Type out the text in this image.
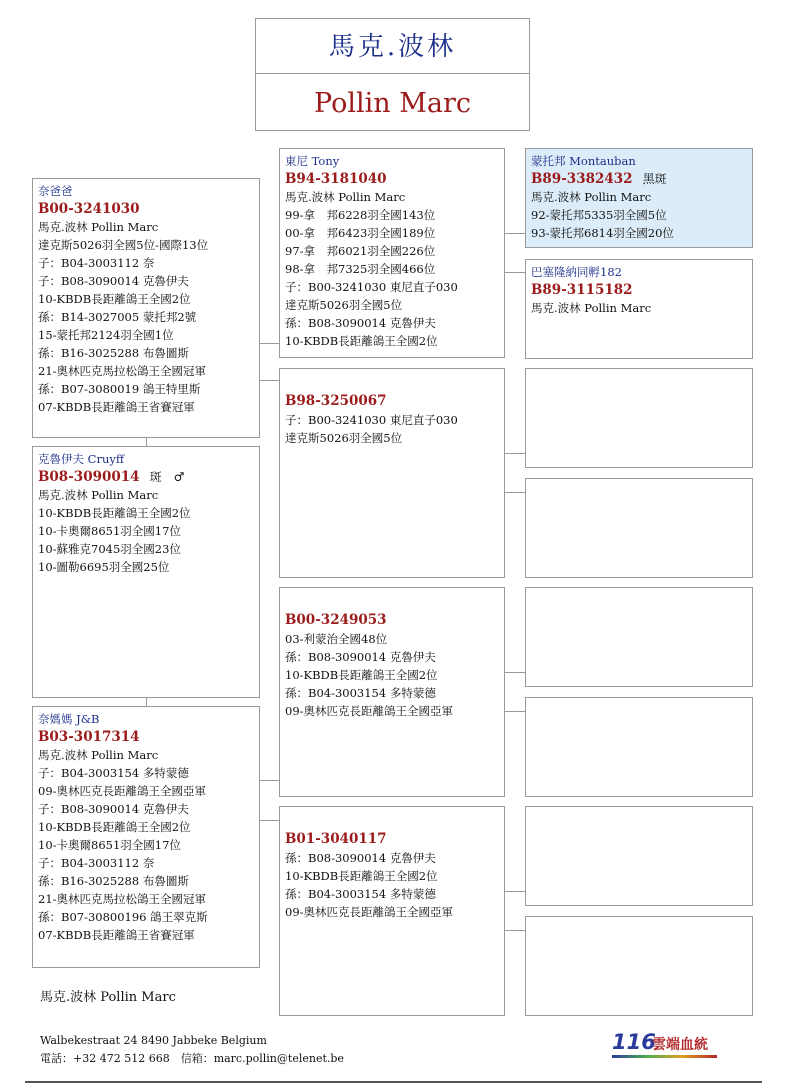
馬克.波林
Pollin Marc
奈爸爸
B00-3241030
馬克.波林 Pollin Marc
達克斯5026羽全國5位-國際13位
子：B04-3003112 奈
子：B08-3090014 克魯伊夫
10-KBDB長距離鴿王全國2位
孫：B14-3027005 蒙托邦2號
15-蒙托邦2124羽全國1位
孫：B16-3025288 布魯圖斯
21-奧林匹克馬拉松鴿王全國冠軍
孫：B07-3080019 鴿王特里斯
07-KBDB長距離鴿王省賽冠軍
克魯伊夫 Cruyff
B08-3090014 斑　♂
馬克.波林 Pollin Marc
10-KBDB長距離鴿王全國2位
10-卡奧爾8651羽全國17位
10-蘇雅克7045羽全國23位
10-圖勒6695羽全國25位
奈媽媽 J&B
B03-3017314
馬克.波林 Pollin Marc
子：B04-3003154 多特蒙德
09-奧林匹克長距離鴿王全國亞軍
子：B08-3090014 克魯伊夫
10-KBDB長距離鴿王全國2位
10-卡奧爾8651羽全國17位
子：B04-3003112 奈
孫：B16-3025288 布魯圖斯
21-奧林匹克馬拉松鴿王全國冠軍
孫：B07-30800196 鴿王翠克斯
07-KBDB長距離鴿王省賽冠軍
東尼 Tony
B94-3181040
馬克.波林 Pollin Marc
99-拿　邦6228羽全國143位
00-拿　邦6423羽全國189位
97-拿　邦6021羽全國226位
98-拿　邦7325羽全國466位
子：B00-3241030 東尼直子030
達克斯5026羽全國5位
孫：B08-3090014 克魯伊夫
10-KBDB長距離鴿王全國2位
B98-3250067
子：B00-3241030 東尼直子030
達克斯5026羽全國5位
B00-3249053
03-利蒙治全國48位
孫：B08-3090014 克魯伊夫
10-KBDB長距離鴿王全國2位
孫：B04-3003154 多特蒙德
09-奧林匹克長距離鴿王全國亞軍
B01-3040117
孫：B08-3090014 克魯伊夫
10-KBDB長距離鴿王全國2位
孫：B04-3003154 多特蒙德
09-奧林匹克長距離鴿王全國亞軍
蒙托邦 Montauban
B89-3382432 黑斑
馬克.波林 Pollin Marc
92-蒙托邦5335羽全國5位
93-蒙托邦6814羽全國20位
巴塞隆納同孵182
B89-3115182
馬克.波林 Pollin Marc
馬克.波林 Pollin Marc
Walbekestraat 24 8490 Jabbeke Belgium
電話：+32 472 512 668　信箱：marc.pollin@telenet.be
116
雲端血統
